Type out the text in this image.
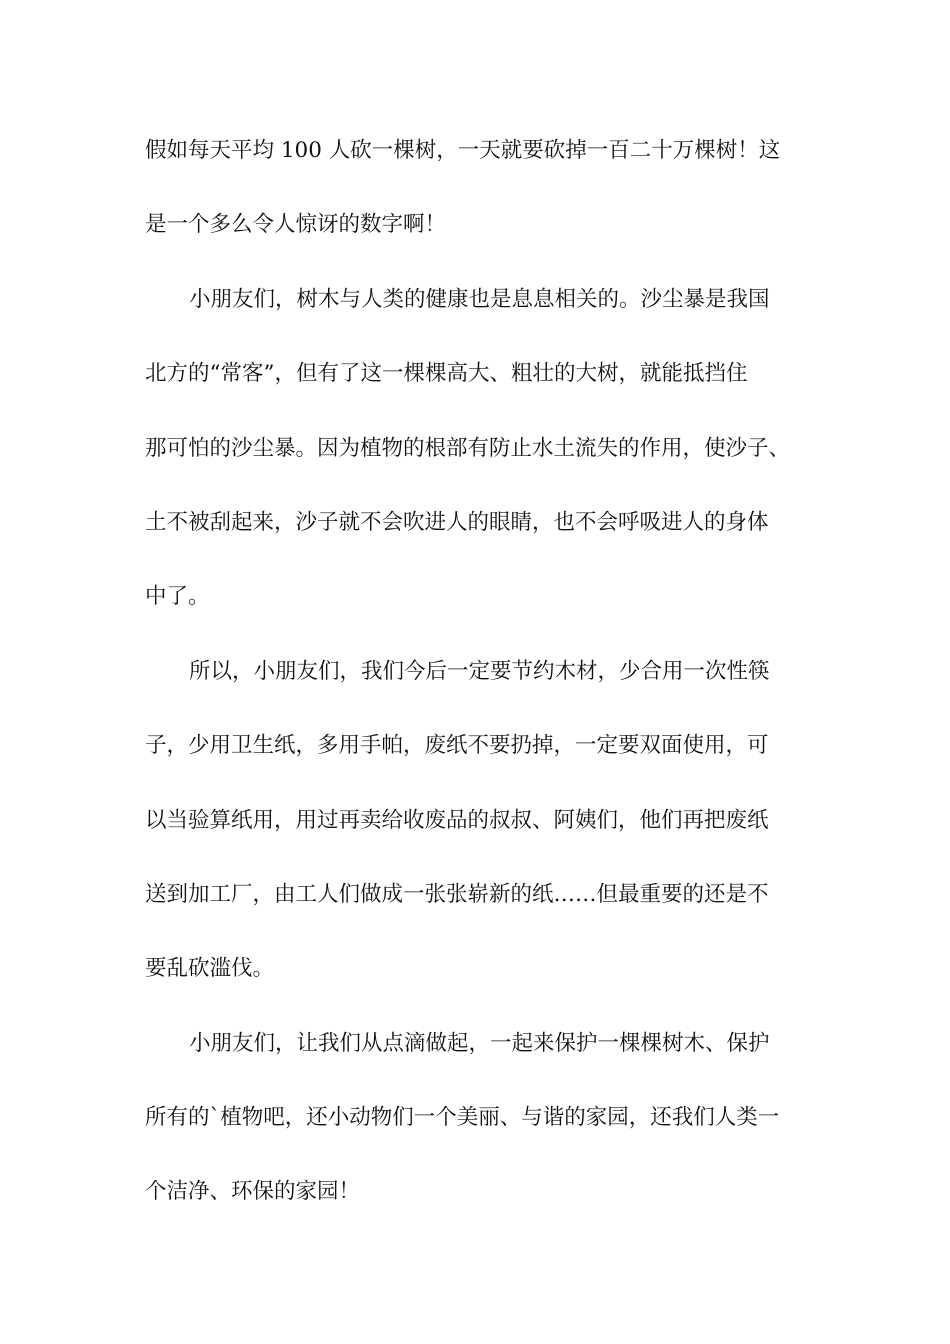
假如每天平均 100 人砍一棵树，一天就要砍掉一百二十万棵树！这
是一个多么令人惊讶的数字啊！
小朋友们，树木与人类的健康也是息息相关的。沙尘暴是我国
北方的“常客”，但有了这一棵棵高大、粗壮的大树，就能抵挡住
那可怕的沙尘暴。因为植物的根部有防止水土流失的作用，使沙子、
土不被刮起来，沙子就不会吹进人的眼睛，也不会呼吸进人的身体
中了。
所以，小朋友们，我们今后一定要节约木材，少合用一次性筷
子，少用卫生纸，多用手帕，废纸不要扔掉，一定要双面使用，可
以当验算纸用，用过再卖给收废品的叔叔、阿姨们，他们再把废纸
送到加工厂，由工人们做成一张张崭新的纸……但最重要的还是不
要乱砍滥伐。
小朋友们，让我们从点滴做起，一起来保护一棵棵树木、保护
所有的`植物吧，还小动物们一个美丽、与谐的家园，还我们人类一
个洁净、环保的家园！
